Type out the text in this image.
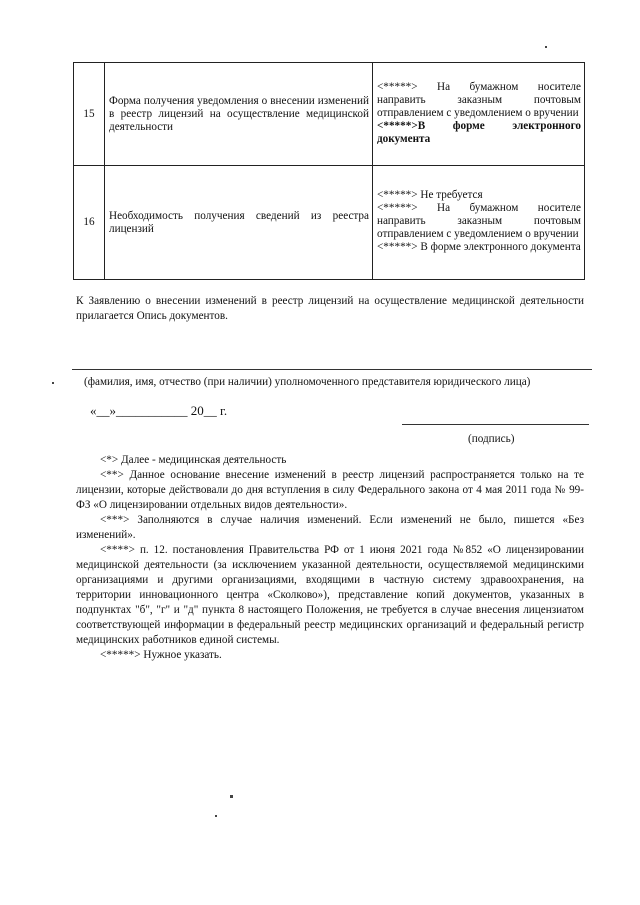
15	Форма получения уведомления о внесении изменений в реестр лицензий на осуществление медицинской деятельности	<*****> На бумажном носителе направить заказным почтовым отправлением с уведомлением о вручении
<*****>В форме электронного документа

16	Необходимость получения сведений из реестра лицензий	<*****> Не требуется
<*****> На бумажном носителе направить заказным почтовым отправлением с уведомлением о вручении
<*****> В форме электронного документа
К Заявлению о внесении изменений в реестр лицензий на осуществление медицинской деятельности прилагается Опись документов.
(фамилия, имя, отчество (при наличии) уполномоченного представителя юридического лица)
«__»___________ 20__ г.
(подпись)
<*> Далее - медицинская деятельность
<**> Данное основание внесение изменений в реестр лицензий распространяется только на те лицензии, которые действовали до дня вступления в силу Федерального закона от 4 мая 2011 года № 99-ФЗ «О лицензировании отдельных видов деятельности».
<***> Заполняются в случае наличия изменений. Если изменений не было, пишется «Без изменений».
<****> п. 12. постановления Правительства РФ от 1 июня 2021 года №852 «О лицензировании медицинской деятельности (за исключением указанной деятельности, осуществляемой медицинскими организациями и другими организациями, входящими в частную систему здравоохранения, на территории инновационного центра «Сколково»), представление копий документов, указанных в подпунктах "б", "г" и "д" пункта 8 настоящего Положения, не требуется в случае внесения лицензиатом соответствующей информации в федеральный реестр медицинских организаций и федеральный регистр медицинских работников единой системы.
<*****> Нужное указать.
